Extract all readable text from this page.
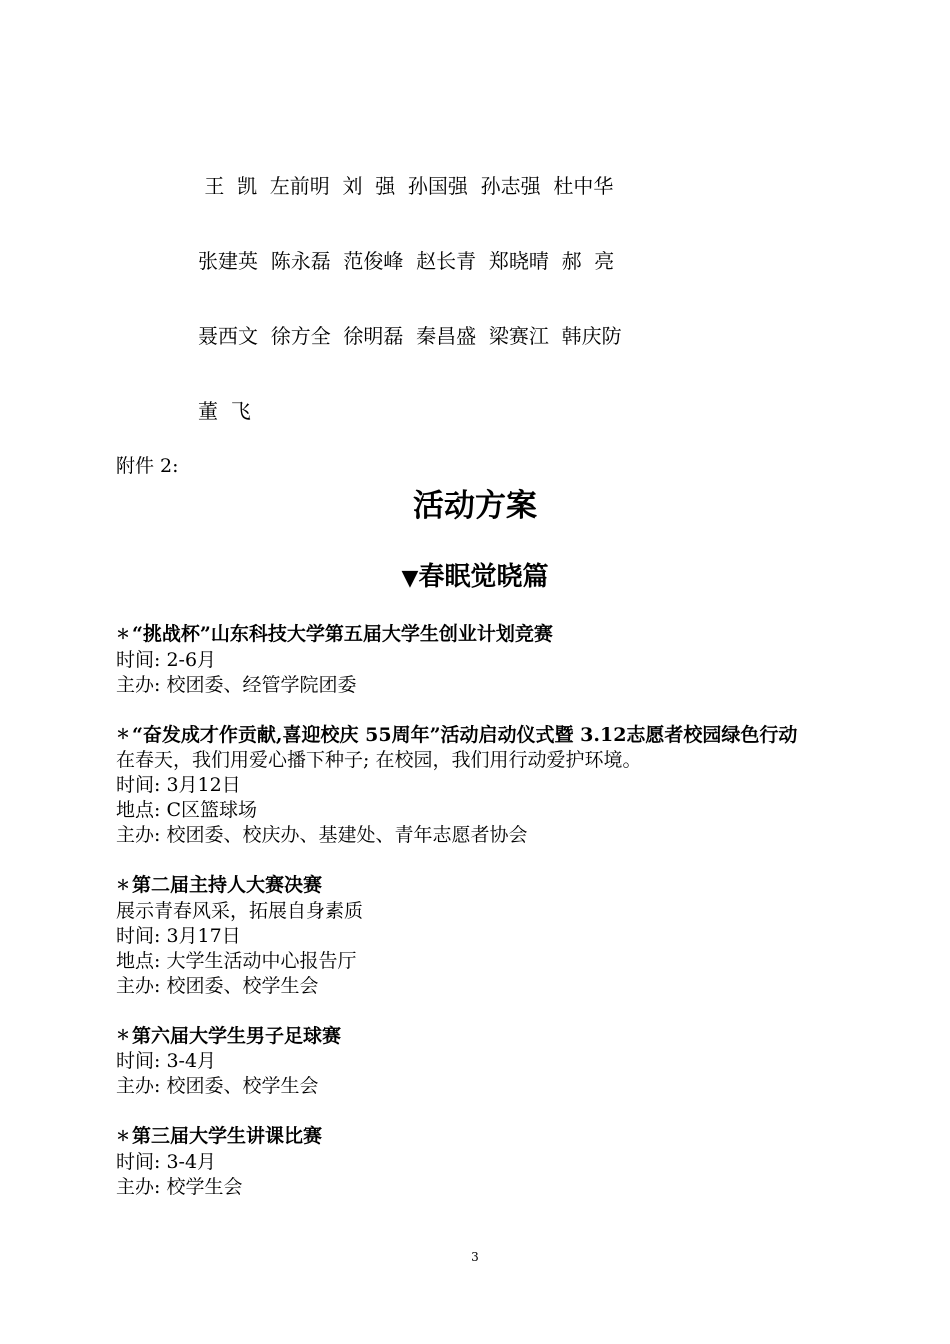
王  凯  左前明  刘  强  孙国强  孙志强  杜中华

张建英  陈永磊  范俊峰  赵长青  郑晓晴  郝  亮

聂西文  徐方全  徐明磊  秦昌盛  梁赛江  韩庆防

董  飞

附件 2:
活动方案
▼春眠觉晓篇
＊ “挑战杯”山东科技大学第五届大学生创业计划竞赛
时间: 2-6月
主办: 校团委、经管学院团委
＊ “奋发成才作贡献,喜迎校庆 55周年”活动启动仪式暨 3.12志愿者校园绿色行动
在春天，我们用爱心播下种子; 在校园，我们用行动爱护环境。
时间: 3月12日
地点: C区篮球场
主办: 校团委、校庆办、基建处、青年志愿者协会
＊ 第二届主持人大赛决赛
展示青春风采，拓展自身素质
时间: 3月17日
地点: 大学生活动中心报告厅
主办: 校团委、校学生会
＊ 第六届大学生男子足球赛
时间: 3-4月
主办: 校团委、校学生会
＊ 第三届大学生讲课比赛
时间: 3-4月
主办: 校学生会
3
